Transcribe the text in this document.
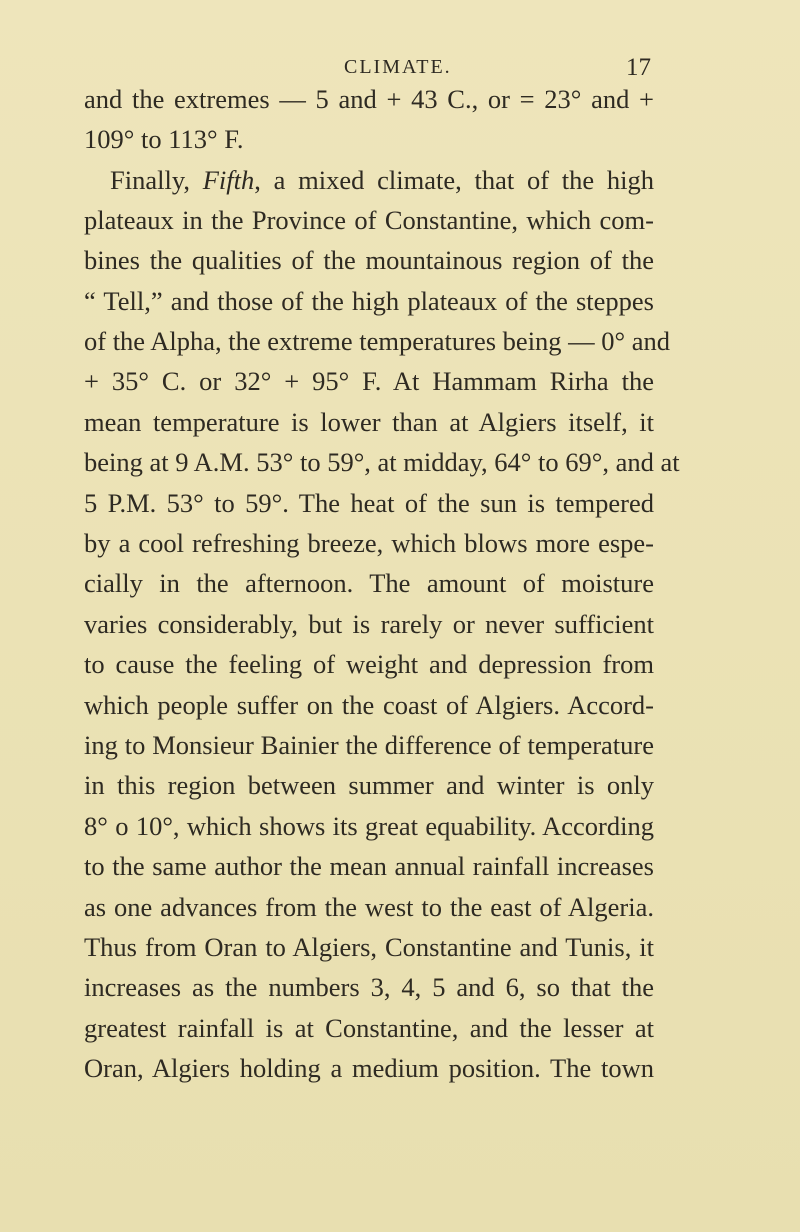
CLIMATE.	17

and the extremes — 5 and + 43 C., or = 23° and +

109° to 113° F.

Finally, Fifth, a mixed climate, that of the high

plateaux in the Province of Constantine, which com-

bines the qualities of the mountainous region of the

“ Tell,” and those of the high plateaux of the steppes

of the Alpha, the extreme temperatures being — 0° and

+ 35° C. or 32° + 95° F. At Hammam Rirha the

mean temperature is lower than at Algiers itself, it

being at 9 A.M. 53° to 59°, at midday, 64° to 69°, and at

5 P.M. 53° to 59°. The heat of the sun is tempered

by a cool refreshing breeze, which blows more espe-

cially in the afternoon. The amount of moisture

varies considerably, but is rarely or never sufficient

to cause the feeling of weight and depression from

which people suffer on the coast of Algiers. Accord-

ing to Monsieur Bainier the difference of temperature

in this region between summer and winter is only

8° o 10°, which shows its great equability. According

to the same author the mean annual rainfall increases

as one advances from the west to the east of Algeria.

Thus from Oran to Algiers, Constantine and Tunis, it

increases as the numbers 3, 4, 5 and 6, so that the

greatest rainfall is at Constantine, and the lesser at

Oran, Algiers holding a medium position. The town
